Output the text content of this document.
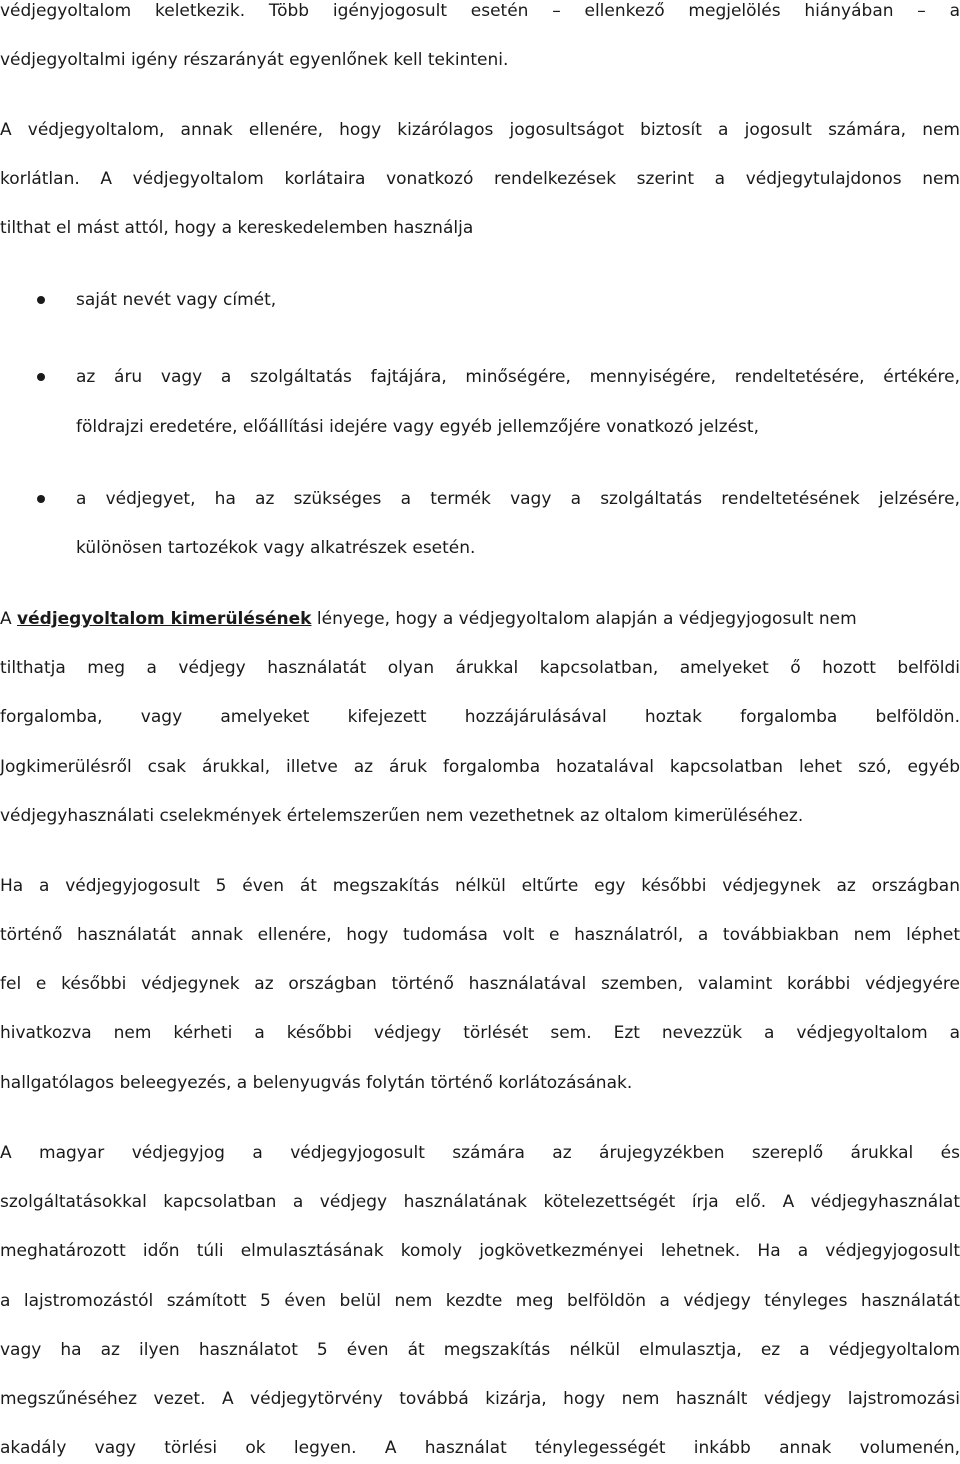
védjegyoltalom keletkezik. Több igényjogosult esetén – ellenkező megjelölés hiányában – a
védjegyoltalmi igény részarányát egyenlőnek kell tekinteni.
A védjegyoltalom, annak ellenére, hogy kizárólagos jogosultságot biztosít a jogosult számára, nem
korlátlan. A védjegyoltalom korlátaira vonatkozó rendelkezések szerint a védjegytulajdonos nem
tilthat el mást attól, hogy a kereskedelemben használja
saját nevét vagy címét,
az áru vagy a szolgáltatás fajtájára, minőségére, mennyiségére, rendeltetésére, értékére,
földrajzi eredetére, előállítási idejére vagy egyéb jellemzőjére vonatkozó jelzést,
a védjegyet, ha az szükséges a termék vagy a szolgáltatás rendeltetésének jelzésére,
különösen tartozékok vagy alkatrészek esetén.
A védjegyoltalom kimerülésének lényege, hogy a védjegyoltalom alapján a védjegyjogosult nem
tilthatja meg a védjegy használatát olyan árukkal kapcsolatban, amelyeket ő hozott belföldi
forgalomba, vagy amelyeket kifejezett hozzájárulásával hoztak forgalomba belföldön.
Jogkimerülésről csak árukkal, illetve az áruk forgalomba hozatalával kapcsolatban lehet szó, egyéb
védjegyhasználati cselekmények értelemszerűen nem vezethetnek az oltalom kimerüléséhez.
Ha a védjegyjogosult 5 éven át megszakítás nélkül eltűrte egy későbbi védjegynek az országban
történő használatát annak ellenére, hogy tudomása volt e használatról, a továbbiakban nem léphet
fel e későbbi védjegynek az országban történő használatával szemben, valamint korábbi védjegyére
hivatkozva nem kérheti a későbbi védjegy törlését sem. Ezt nevezzük a védjegyoltalom a
hallgatólagos beleegyezés, a belenyugvás folytán történő korlátozásának.
A magyar védjegyjog a védjegyjogosult számára az árujegyzékben szereplő árukkal és
szolgáltatásokkal kapcsolatban a védjegy használatának kötelezettségét írja elő. A védjegyhasználat
meghatározott időn túli elmulasztásának komoly jogkövetkezményei lehetnek. Ha a védjegyjogosult
a lajstromozástól számított 5 éven belül nem kezdte meg belföldön a védjegy tényleges használatát
vagy ha az ilyen használatot 5 éven át megszakítás nélkül elmulasztja, ez a védjegyoltalom
megszűnéséhez vezet. A védjegytörvény továbbá kizárja, hogy nem használt védjegy lajstromozási
akadály vagy törlési ok legyen. A használat ténylegességét inkább annak volumenén,
